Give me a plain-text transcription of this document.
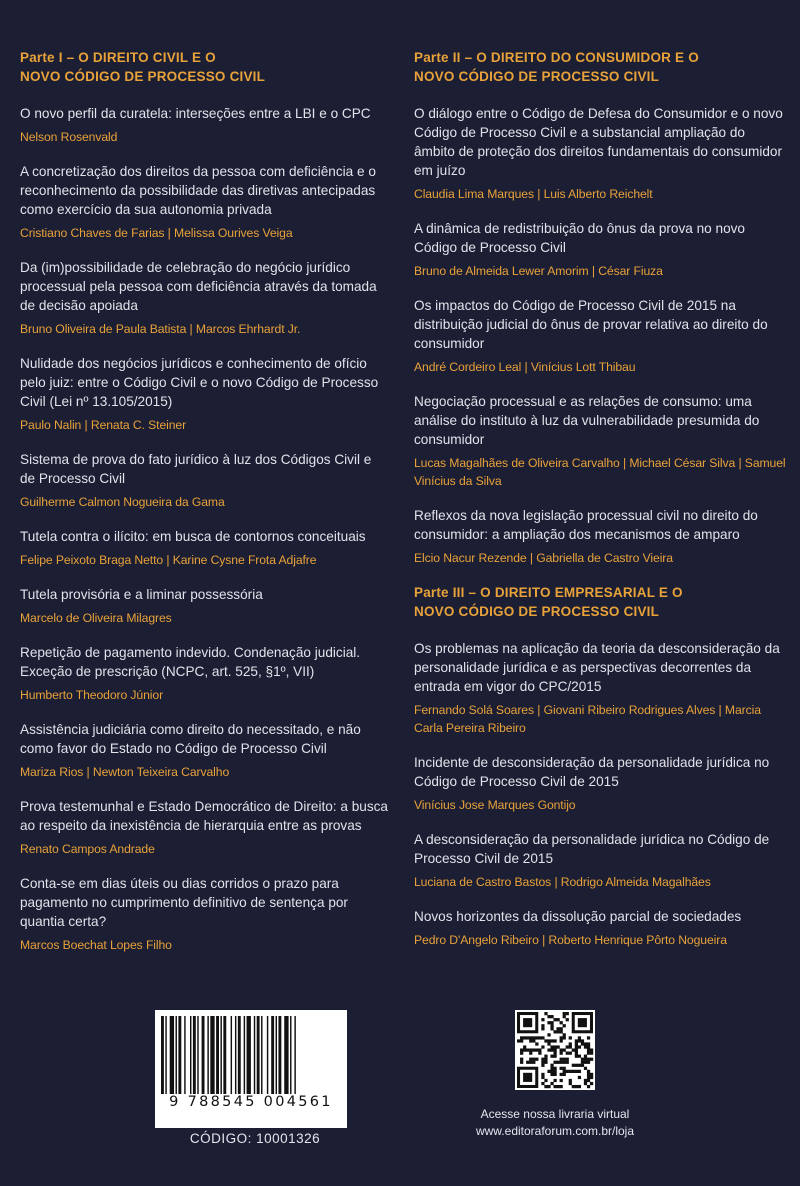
Parte I – O DIREITO CIVIL E O
NOVO CÓDIGO DE PROCESSO CIVIL
O novo perfil da curatela: interseções entre a LBI e o CPC
Nelson Rosenvald
A concretização dos direitos da pessoa com deficiência e o reconhecimento da possibilidade das diretivas antecipadas como exercício da sua autonomia privada
Cristiano Chaves de Farias | Melissa Ourives Veiga
Da (im)possibilidade de celebração do negócio jurídico processual pela pessoa com deficiência através da tomada de decisão apoiada
Bruno Oliveira de Paula Batista | Marcos Ehrhardt Jr.
Nulidade dos negócios jurídicos e conhecimento de ofício pelo juiz: entre o Código Civil e o novo Código de Processo Civil (Lei nº 13.105/2015)
Paulo Nalin | Renata C. Steiner
Sistema de prova do fato jurídico à luz dos Códigos Civil e de Processo Civil
Guilherme Calmon Nogueira da Gama
Tutela contra o ilícito: em busca de contornos conceituais
Felipe Peixoto Braga Netto | Karine Cysne Frota Adjafre
Tutela provisória e a liminar possessória
Marcelo de Oliveira Milagres
Repetição de pagamento indevido. Condenação judicial. Exceção de prescrição (NCPC, art. 525, §1º, VII)
Humberto Theodoro Júnior
Assistência judiciária como direito do necessitado, e não como favor do Estado no Código de Processo Civil
Mariza Rios | Newton Teixeira Carvalho
Prova testemunhal e Estado Democrático de Direito: a busca ao respeito da inexistência de hierarquia entre as provas
Renato Campos Andrade
Conta-se em dias úteis ou dias corridos o prazo para pagamento no cumprimento definitivo de sentença por quantia certa?
Marcos Boechat Lopes Filho
Parte II – O DIREITO DO CONSUMIDOR E O
NOVO CÓDIGO DE PROCESSO CIVIL
O diálogo entre o Código de Defesa do Consumidor e o novo Código de Processo Civil e a substancial ampliação do âmbito de proteção dos direitos fundamentais do consumidor em juízo
Claudia Lima Marques | Luis Alberto Reichelt
A dinâmica de redistribuição do ônus da prova no novo Código de Processo Civil
Bruno de Almeida Lewer Amorim | César Fiuza
Os impactos do Código de Processo Civil de 2015 na distribuição judicial do ônus de provar relativa ao direito do consumidor
André Cordeiro Leal | Vinícius Lott Thibau
Negociação processual e as relações de consumo: uma análise do instituto à luz da vulnerabilidade presumida do consumidor
Lucas Magalhães de Oliveira Carvalho | Michael César Silva | Samuel Vinícius da Silva
Reflexos da nova legislação processual civil no direito do consumidor: a ampliação dos mecanismos de amparo
Elcio Nacur Rezende | Gabriella de Castro Vieira
Parte III – O DIREITO EMPRESARIAL E O
NOVO CÓDIGO DE PROCESSO CIVIL
Os problemas na aplicação da teoria da desconsideração da personalidade jurídica e as perspectivas decorrentes da entrada em vigor do CPC/2015
Fernando Solá Soares | Giovani Ribeiro Rodrigues Alves | Marcia Carla Pereira Ribeiro
Incidente de desconsideração da personalidade jurídica no Código de Processo Civil de 2015
Vinícius Jose Marques Gontijo
A desconsideração da personalidade jurídica no Código de Processo Civil de 2015
Luciana de Castro Bastos | Rodrigo Almeida Magalhães
Novos horizontes da dissolução parcial de sociedades
Pedro D'Angelo Ribeiro | Roberto Henrique Pôrto Nogueira
9 788545 004561
CÓDIGO: 10001326
Acesse nossa livraria virtual
www.editoraforum.com.br/loja
